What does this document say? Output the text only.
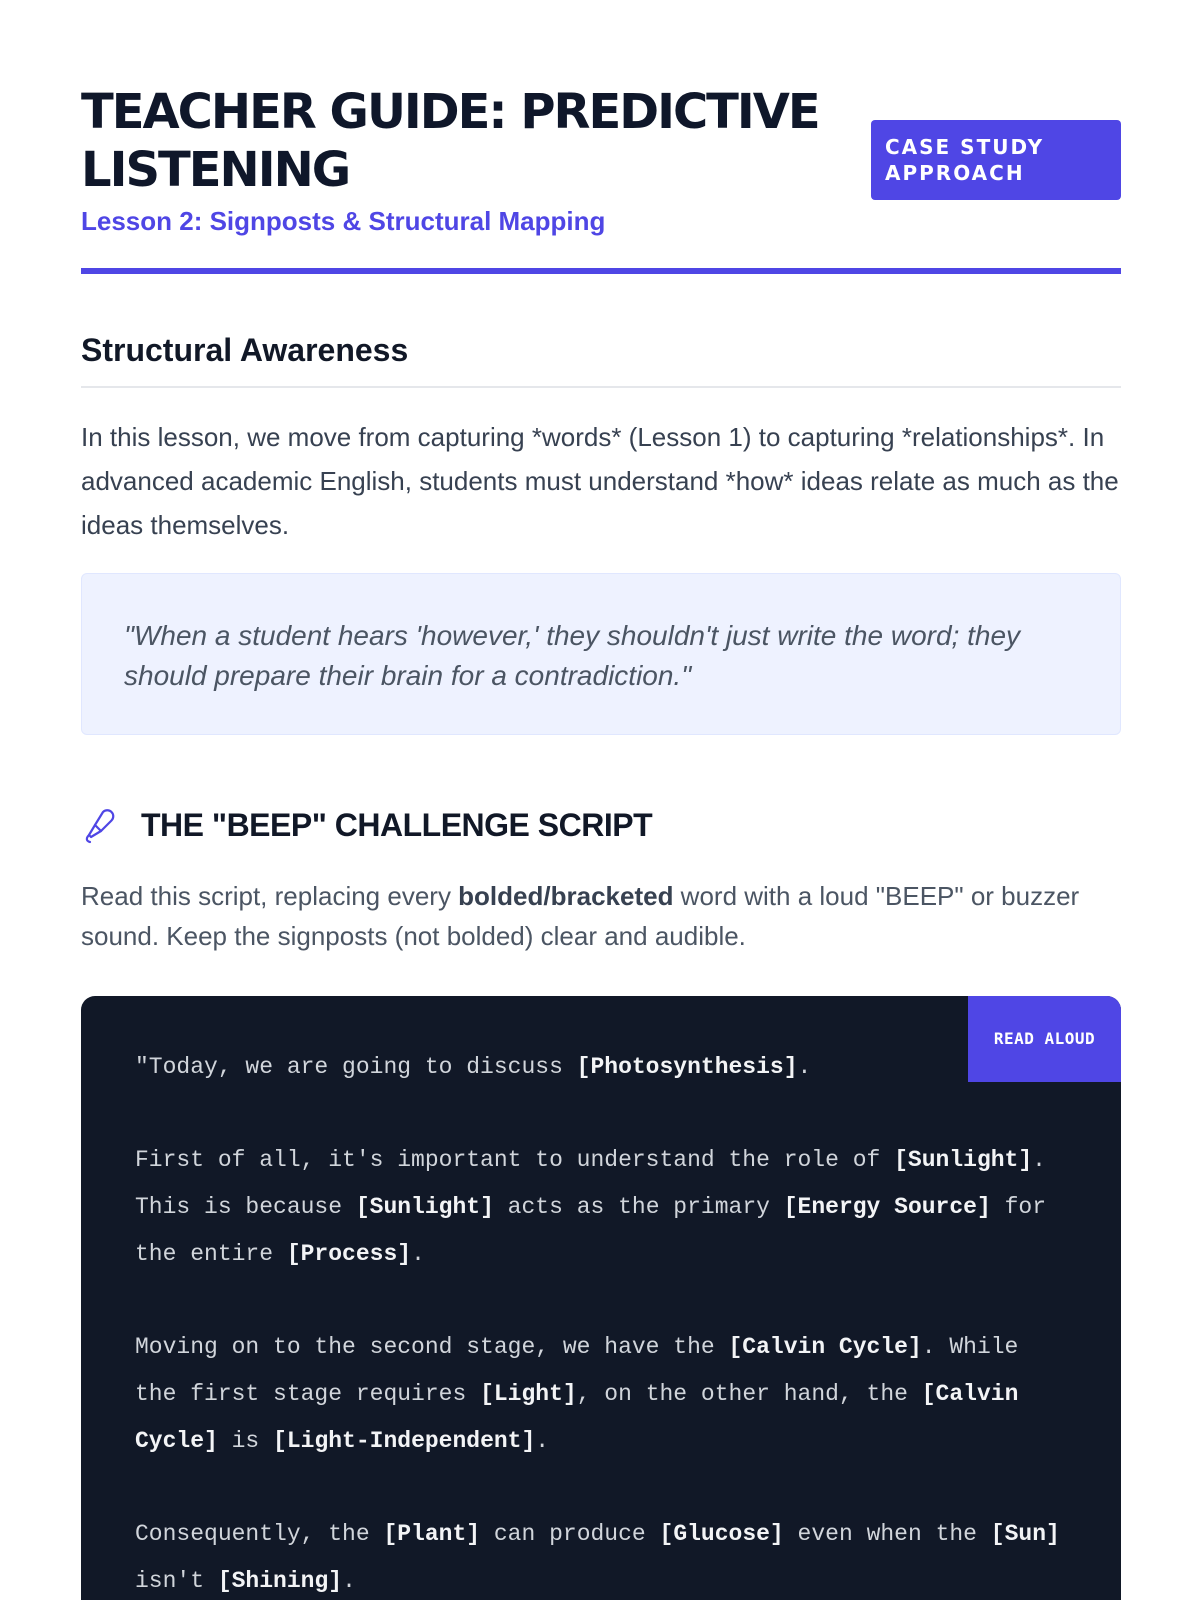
TEACHER GUIDE: PREDICTIVE LISTENING

Lesson 2: Signposts & Structural Mapping

CASE STUDY APPROACH
Structural Awareness

In this lesson, we move from capturing *words* (Lesson 1) to capturing *relationships*. In advanced academic English, students must understand *how* ideas relate as much as the ideas themselves.

"When a student hears 'however,' they shouldn't just write the word; they should prepare their brain for a contradiction."

THE "BEEP" CHALLENGE SCRIPT

Read this script, replacing every bolded/bracketed word with a loud "BEEP" or buzzer sound. Keep the signposts (not bolded) clear and audible.

READ ALOUD

"Today, we are going to discuss [Photosynthesis].

First of all, it's important to understand the role of [Sunlight]. This is because [Sunlight] acts as the primary [Energy Source] for the entire [Process].

Moving on to the second stage, we have the [Calvin Cycle]. While the first stage requires [Light], on the other hand, the [Calvin Cycle] is [Light-Independent].

Consequently, the [Plant] can produce [Glucose] even when the [Sun] isn't [Shining].
